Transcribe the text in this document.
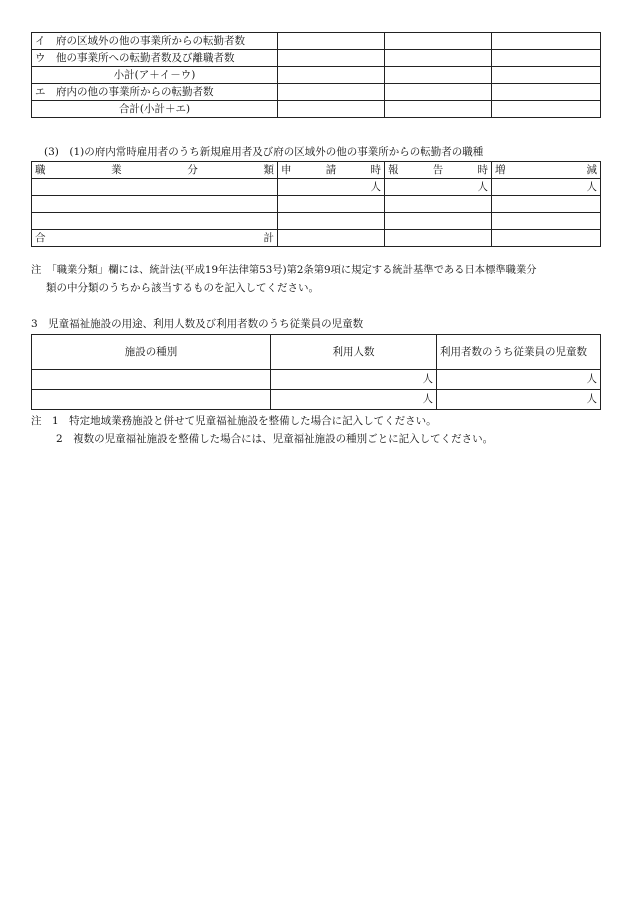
イ　府の区域外の他の事業所からの転勤者数			
ウ　他の事業所への転勤者数及び離職者数			
小計(ア＋イ－ウ)			
エ　府内の他の事業所からの転勤者数			
合計(小計＋エ)			
(3)　(1)の府内常時雇用者のうち新規雇用者及び府の区域外の他の事業所からの転勤者の職種
職 業 分 類	申 請 時	報 告 時	増 減

	人	人	人

合 計			

注　「職業分類」欄には、統計法(平成19年法律第53号)第2条第9項に規定する統計基準である日本標準職業分
類の中分類のうちから該当するものを記入してください。
3　児童福祉施設の用途、利用人数及び利用者数のうち従業員の児童数
施設の種別	利用人数	利用者数のうち従業員の児童数
	人	人
	人	人
注　1　特定地域業務施設と併せて児童福祉施設を整備した場合に記入してください。
2　複数の児童福祉施設を整備した場合には、児童福祉施設の種別ごとに記入してください。
